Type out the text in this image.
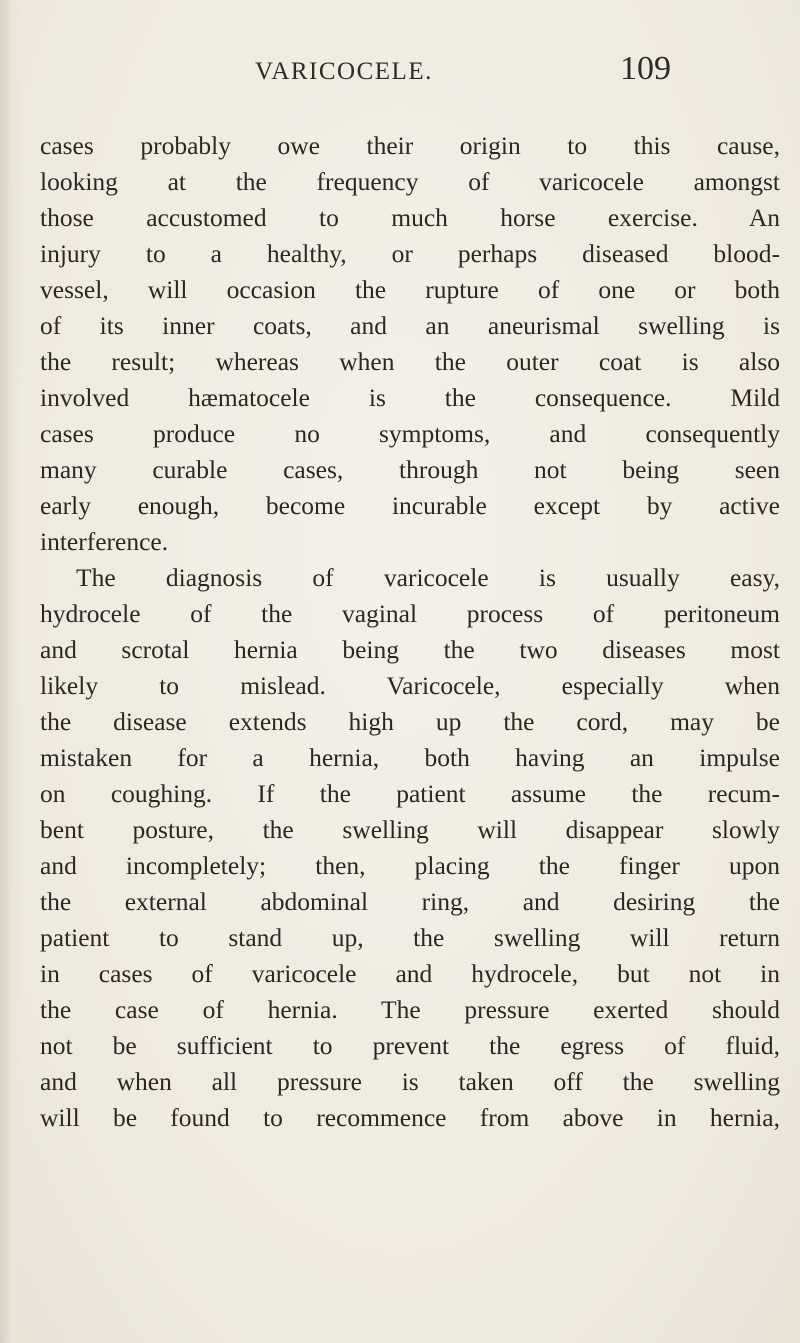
VARICOCELE.	109
cases probably owe their origin to this cause,
looking at the frequency of varicocele amongst
those accustomed to much horse exercise. An
injury to a healthy, or perhaps diseased blood-
vessel, will occasion the rupture of one or both
of its inner coats, and an aneurismal swelling is
the result; whereas when the outer coat is also
involved hæmatocele is the consequence. Mild
cases produce no symptoms, and consequently
many curable cases, through not being seen
early enough, become incurable except by active
interference.
The diagnosis of varicocele is usually easy,
hydrocele of the vaginal process of peritoneum
and scrotal hernia being the two diseases most
likely to mislead. Varicocele, especially when
the disease extends high up the cord, may be
mistaken for a hernia, both having an impulse
on coughing. If the patient assume the recum-
bent posture, the swelling will disappear slowly
and incompletely; then, placing the finger upon
the external abdominal ring, and desiring the
patient to stand up, the swelling will return
in cases of varicocele and hydrocele, but not in
the case of hernia. The pressure exerted should
not be sufficient to prevent the egress of fluid,
and when all pressure is taken off the swelling
will be found to recommence from above in hernia,
